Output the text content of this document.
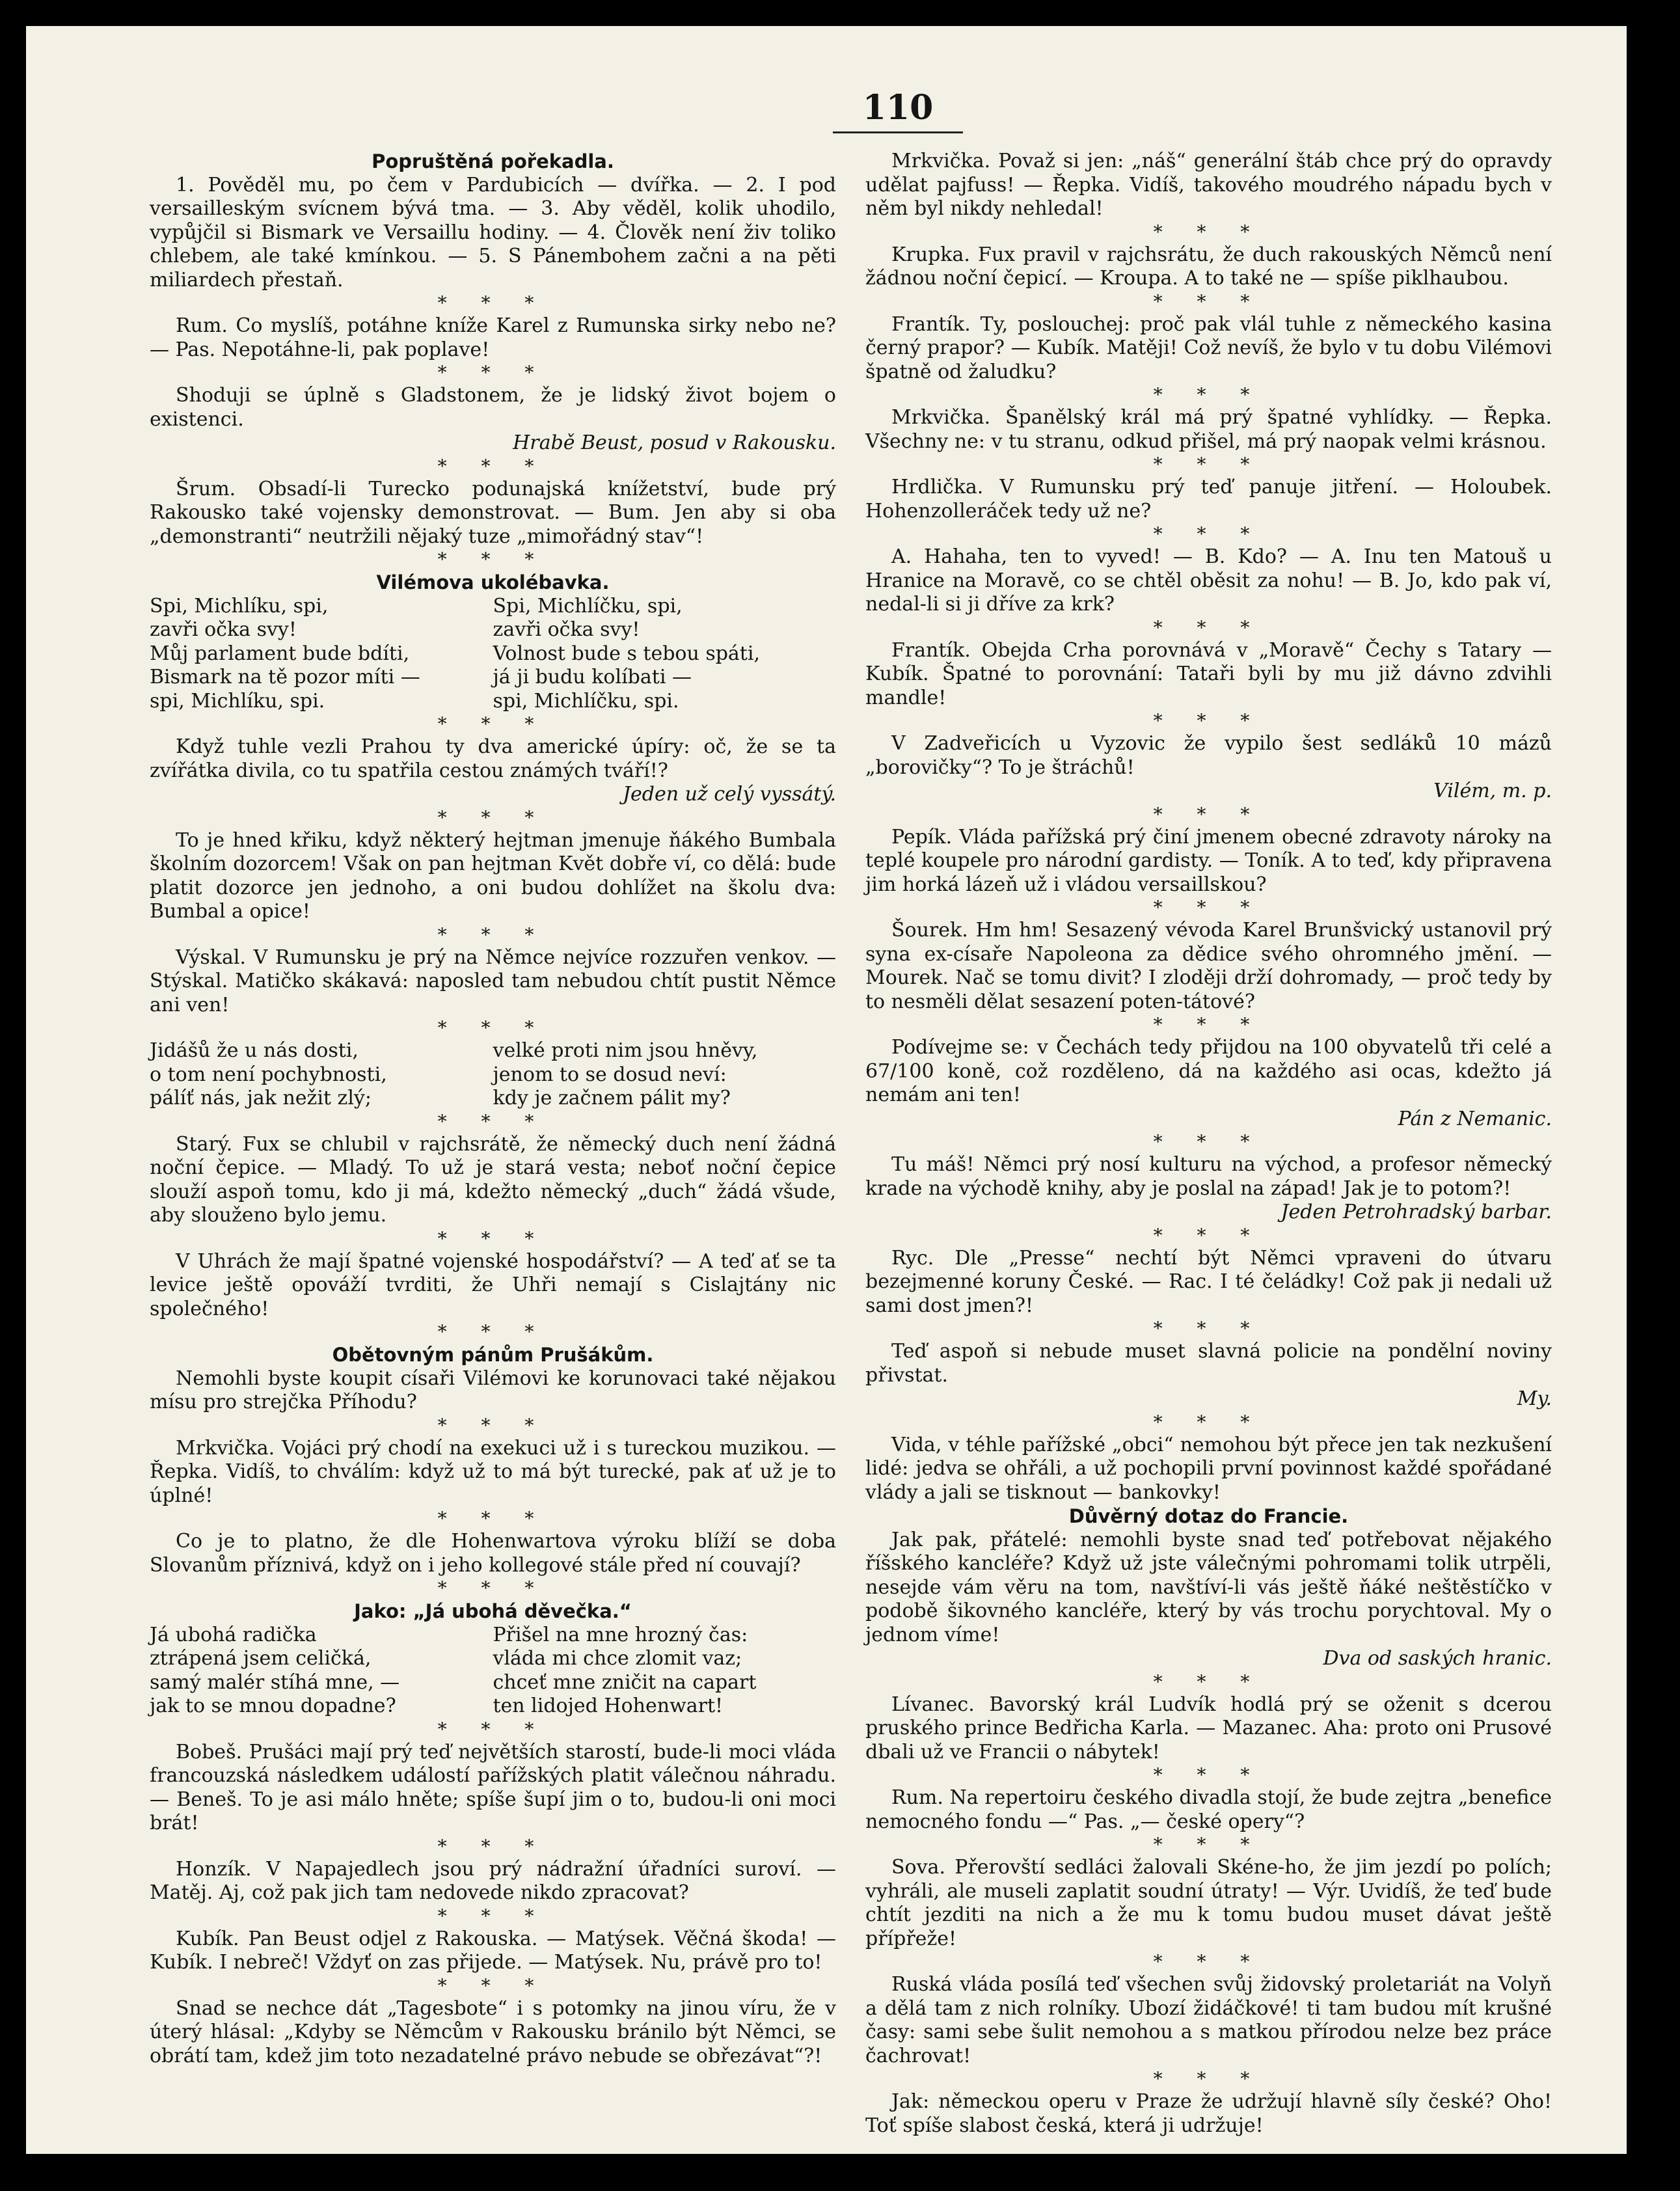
110
Popruštěná pořekadla.
1. Pověděl mu, po čem v Pardubicích — dvířka. — 2. I pod versailleským svícnem bývá tma. — 3. Aby věděl, kolik uhodilo, vypůjčil si Bismark ve Versaillu hodiny. — 4. Člověk není živ toliko chlebem, ale také kmínkou. — 5. S Pánembohem začni a na pěti miliardech přestaň.
* * *
Rum. Co myslíš, potáhne kníže Karel z Rumunska sirky nebo ne? — Pas. Nepotáhne-li, pak poplave!
* * *
Shoduji se úplně s Gladstonem, že je lidský život bojem o existenci.
Hrabě Beust, posud v Rakousku.
* * *
Šrum. Obsadí-li Turecko podunajská knížetství, bude prý Rakousko také vojensky demonstrovat. — Bum. Jen aby si oba „demonstranti“ neutržili nějaký tuze „mimořádný stav“!
* * *
Vilémova ukolébavka.
Spi, Michlíku, spi,
zavři očka svy!
Můj parlament bude bdíti,
Bismark na tě pozor míti —
spi, Michlíku, spi.
Spi, Michlíčku, spi,
zavři očka svy!
Volnost bude s tebou spáti,
já ji budu kolíbati —
spi, Michlíčku, spi.
* * *
Když tuhle vezli Prahou ty dva americké úpíry: oč, že se ta zvířátka divila, co tu spatřila cestou známých tváří!?
Jeden už celý vyssátý.
* * *
To je hned křiku, když některý hejtman jmenuje ňákého Bumbala školním dozorcem! Však on pan hejtman Květ dobře ví, co dělá: bude platit dozorce jen jednoho, a oni budou dohlížet na školu dva: Bumbal a opice!
* * *
Výskal. V Rumunsku je prý na Němce nejvíce rozzuřen venkov. — Stýskal. Matičko skákavá: naposled tam nebudou chtít pustit Němce ani ven!
* * *
Jidášů že u nás dosti,
o tom není pochybnosti,
pálíť nás, jak nežit zlý;
velké proti nim jsou hněvy,
jenom to se dosud neví:
kdy je začnem pálit my?
* * *
Starý. Fux se chlubil v rajchsrátě, že německý duch není žádná noční čepice. — Mladý. To už je stará vesta; neboť noční čepice slouží aspoň tomu, kdo ji má, kdežto německý „duch“ žádá všude, aby slouženo bylo jemu.
* * *
V Uhrách že mají špatné vojenské hospodářství? — A teď ať se ta levice ještě opováží tvrditi, že Uhři nemají s Cislajtány nic společného!
* * *
Obětovným pánům Prušákům.
Nemohli byste koupit císaři Vilémovi ke korunovaci také nějakou mísu pro strejčka Příhodu?
* * *
Mrkvička. Vojáci prý chodí na exekuci už i s tureckou muzikou. — Řepka. Vidíš, to chválím: když už to má být turecké, pak ať už je to úplné!
* * *
Co je to platno, že dle Hohenwartova výroku blíží se doba Slovanům příznivá, když on i jeho kollegové stále před ní couvají?
* * *
Jako: „Já ubohá děvečka.“
Já ubohá radička
ztrápená jsem celičká,
samý malér stíhá mne, —
jak to se mnou dopadne?
Přišel na mne hrozný čas:
vláda mi chce zlomit vaz;
chceť mne zničit na capart
ten lidojed Hohenwart!
* * *
Bobeš. Prušáci mají prý teď největších starostí, bude-li moci vláda francouzská následkem událostí pařížských platit válečnou náhradu. — Beneš. To je asi málo hněte; spíše šupí jim o to, budou-li oni moci brát!
* * *
Honzík. V Napajedlech jsou prý nádražní úřadníci suroví. — Matěj. Aj, což pak jich tam nedovede nikdo zpracovat?
* * *
Kubík. Pan Beust odjel z Rakouska. — Matýsek. Věčná škoda! — Kubík. I nebreč! Vždyť on zas přijede. — Matýsek. Nu, právě pro to!
* * *
Snad se nechce dát „Tagesbote“ i s potomky na jinou víru, že v úterý hlásal: „Kdyby se Němcům v Rakousku bránilo být Němci, se obrátí tam, kdež jim toto nezadatelné právo nebude se obřezávat“?!
Mrkvička. Považ si jen: „náš“ generální štáb chce prý do opravdy udělat pajfuss! — Řepka. Vidíš, takového moudrého nápadu bych v něm byl nikdy nehledal!
* * *
Krupka. Fux pravil v rajchsrátu, že duch rakouských Němců není žádnou noční čepicí. — Kroupa. A to také ne — spíše piklhaubou.
* * *
Frantík. Ty, poslouchej: proč pak vlál tuhle z německého kasina černý prapor? — Kubík. Matěji! Což nevíš, že bylo v tu dobu Vilémovi špatně od žaludku?
* * *
Mrkvička. Španělský král má prý špatné vyhlídky. — Řepka. Všechny ne: v tu stranu, odkud přišel, má prý naopak velmi krásnou.
* * *
Hrdlička. V Rumunsku prý teď panuje jitření. — Holoubek. Hohenzolleráček tedy už ne?
* * *
A. Hahaha, ten to vyved! — B. Kdo? — A. Inu ten Matouš u Hranice na Moravě, co se chtěl oběsit za nohu! — B. Jo, kdo pak ví, nedal-li si ji dříve za krk?
* * *
Frantík. Obejda Crha porovnává v „Moravě“ Čechy s Tatary — Kubík. Špatné to porovnání: Tataři byli by mu již dávno zdvihli mandle!
* * *
V Zadveřicích u Vyzovic že vypilo šest sedláků 10 mázů „borovičky“? To je štráchů!
Vilém, m. p.
* * *
Pepík. Vláda pařížská prý činí jmenem obecné zdravoty nároky na teplé koupele pro národní gardisty. — Toník. A to teď, kdy připravena jim horká lázeň už i vládou versaillskou?
* * *
Šourek. Hm hm! Sesazený vévoda Karel Brunšvický ustanovil prý syna ex-císaře Napoleona za dědice svého ohromného jmění. — Mourek. Nač se tomu divit? I zloději drží dohromady, — proč tedy by to nesměli dělat sesazení poten-tátové?
* * *
Podívejme se: v Čechách tedy přijdou na 100 obyvatelů tři celé a 67/100 koně, což rozděleno, dá na každého asi ocas, kdežto já nemám ani ten!
Pán z Nemanic.
* * *
Tu máš! Němci prý nosí kulturu na východ, a profesor německý krade na východě knihy, aby je poslal na západ! Jak je to potom?!
Jeden Petrohradský barbar.
* * *
Ryc. Dle „Presse“ nechtí být Němci vpraveni do útvaru bezejmenné koruny České. — Rac. I té čeládky! Což pak ji nedali už sami dost jmen?!
* * *
Teď aspoň si nebude muset slavná policie na pondělní noviny přivstat.
My.
* * *
Vida, v téhle pařížské „obci“ nemohou být přece jen tak nezkušení lidé: jedva se ohřáli, a už pochopili první povinnost každé spořádané vlády a jali se tisknout — bankovky!
Důvěrný dotaz do Francie.
Jak pak, přátelé: nemohli byste snad teď potřebovat nějakého říšského kancléře? Když už jste válečnými pohromami tolik utrpěli, nesejde vám věru na tom, navštíví-li vás ještě ňáké neštěstíčko v podobě šikovného kancléře, který by vás trochu porychtoval. My o jednom víme!
Dva od saských hranic.
* * *
Lívanec. Bavorský král Ludvík hodlá prý se oženit s dcerou pruského prince Bedřicha Karla. — Mazanec. Aha: proto oni Prusové dbali už ve Francii o nábytek!
* * *
Rum. Na repertoiru českého divadla stojí, že bude zejtra „benefice nemocného fondu —“ Pas. „— české opery“?
* * *
Sova. Přerovští sedláci žalovali Skéne-ho, že jim jezdí po polích; vyhráli, ale museli zaplatit soudní útraty! — Výr. Uvidíš, že teď bude chtít jezditi na nich a že mu k tomu budou muset dávat ještě přípřeže!
* * *
Ruská vláda posílá teď všechen svůj židovský proletariát na Volyň a dělá tam z nich rolníky. Ubozí židáčkové! ti tam budou mít krušné časy: sami sebe šulit nemohou a s matkou přírodou nelze bez práce čachrovat!
* * *
Jak: německou operu v Praze že udržují hlavně síly české? Oho! Toť spíše slabost česká, která ji udržuje!
